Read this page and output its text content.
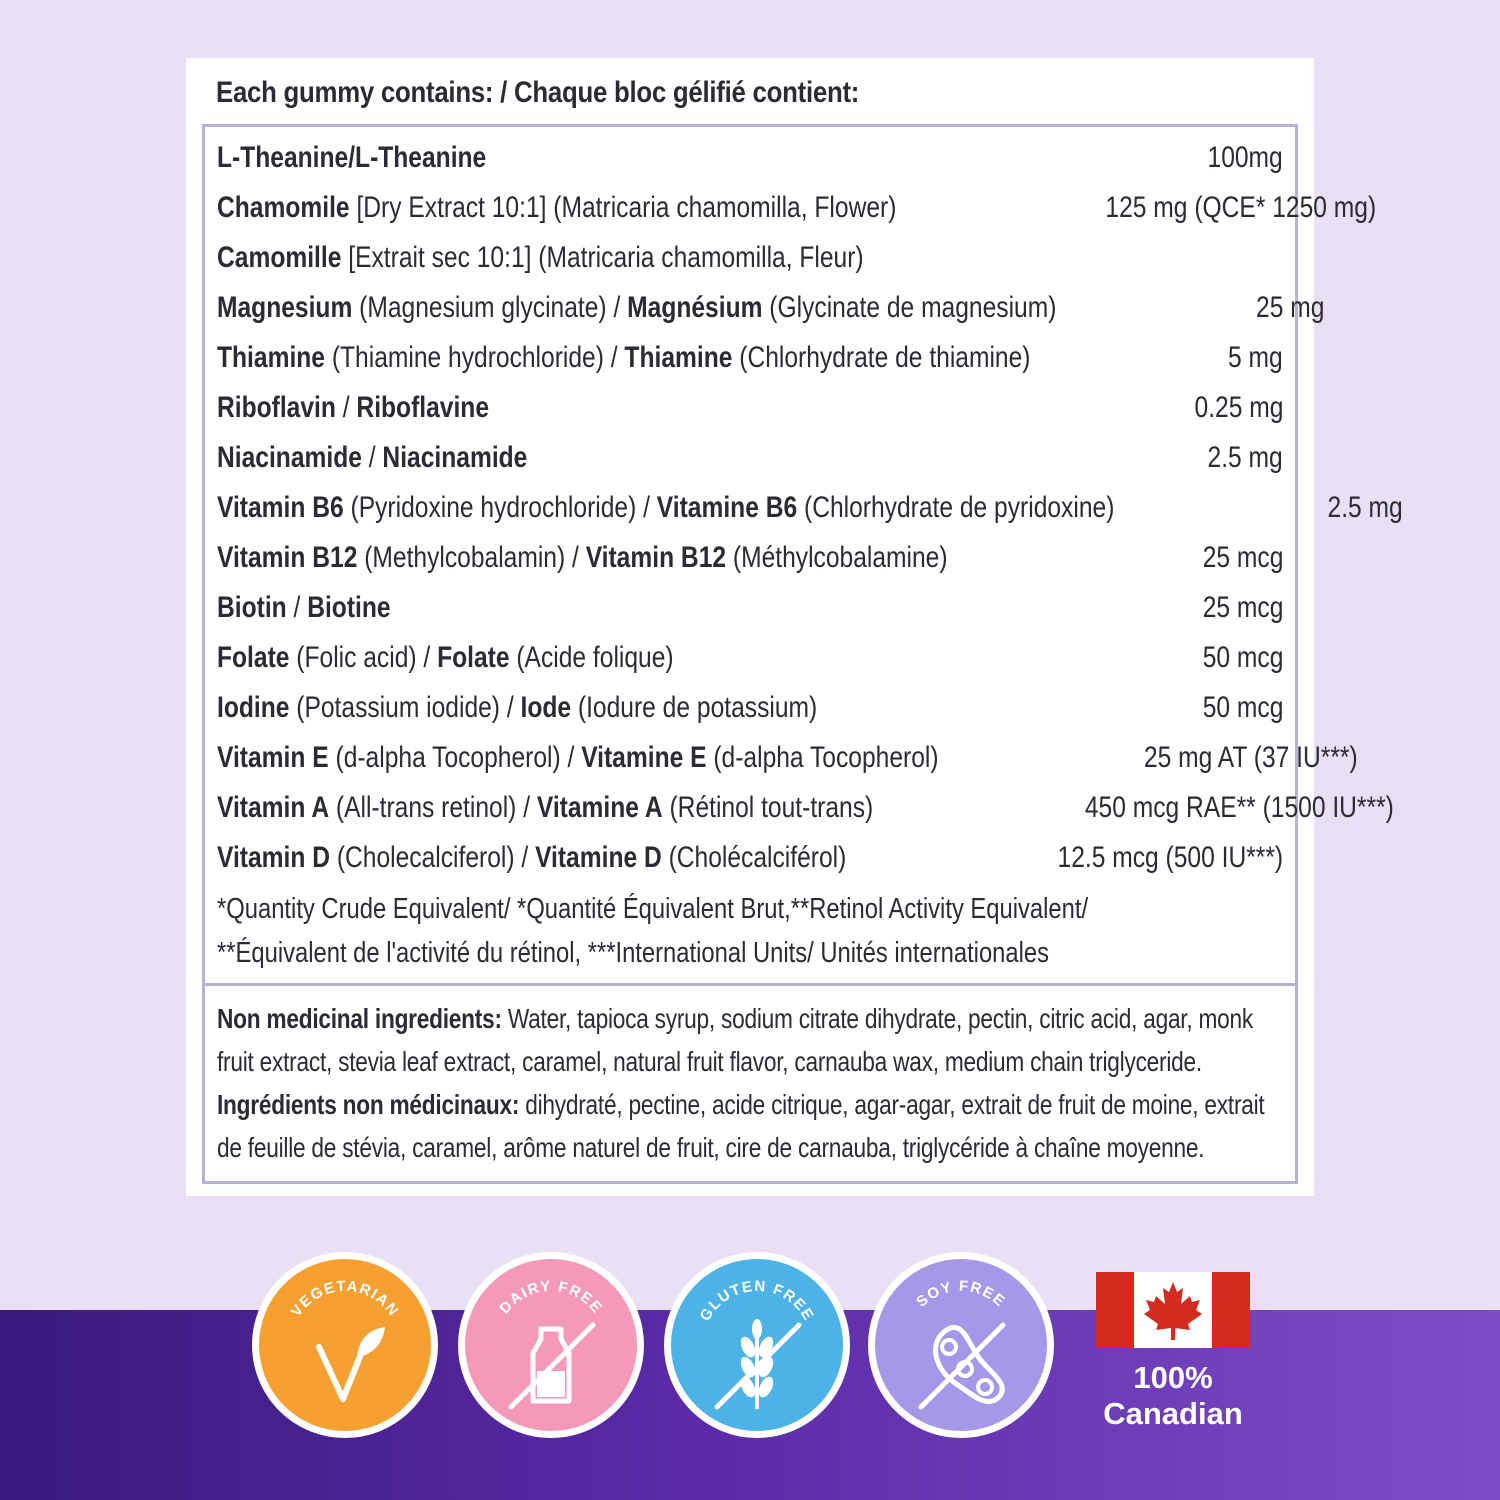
Each gummy contains: / Chaque bloc gélifié contient:
L-Theanine/L-Theanine	100mg
Chamomile [Dry Extract 10:1] (Matricaria chamomilla, Flower)	125 mg (QCE* 1250 mg)
Camomille [Extrait sec 10:1] (Matricaria chamomilla, Fleur)
Magnesium (Magnesium glycinate) / Magnésium (Glycinate de magnesium)	25 mg
Thiamine (Thiamine hydrochloride) / Thiamine (Chlorhydrate de thiamine)	5 mg
Riboflavin / Riboflavine	0.25 mg
Niacinamide / Niacinamide	2.5 mg
Vitamin B6 (Pyridoxine hydrochloride) / Vitamine B6 (Chlorhydrate de pyridoxine)	2.5 mg
Vitamin B12 (Methylcobalamin) / Vitamin B12 (Méthylcobalamine)	25 mcg
Biotin / Biotine	25 mcg
Folate (Folic acid) / Folate (Acide folique)	50 mcg
Iodine (Potassium iodide) / Iode (Iodure de potassium)	50 mcg
Vitamin E (d-alpha Tocopherol) / Vitamine E (d-alpha Tocopherol)	25 mg AT (37 IU***)
Vitamin A (All-trans retinol) / Vitamine A (Rétinol tout-trans)	450 mcg RAE** (1500 IU***)
Vitamin D (Cholecalciferol) / Vitamine D (Cholécalciférol)	12.5 mcg (500 IU***)
*Quantity Crude Equivalent/ *Quantité Équivalent Brut,**Retinol Activity Equivalent/
**Équivalent de l'activité du rétinol, ***International Units/ Unités internationales
Non medicinal ingredients: Water, tapioca syrup, sodium citrate dihydrate, pectin, citric acid, agar, monk
fruit extract, stevia leaf extract, caramel, natural fruit flavor, carnauba wax, medium chain triglyceride.
Ingrédients non médicinaux: dihydraté, pectine, acide citrique, agar-agar, extrait de fruit de moine, extrait
de feuille de stévia, caramel, arôme naturel de fruit, cire de carnauba, triglycéride à chaîne moyenne.
VEGETARIAN	DAIRY FREE	GLUTEN FREE
SOY FREE
100%
Canadian
